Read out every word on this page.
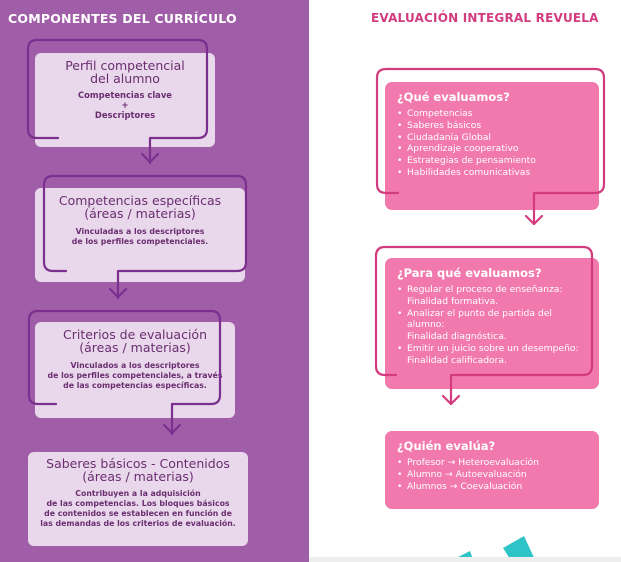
COMPONENTES DEL CURRÍCULO
Perfil competencial
del alumno
Competencias clave
+
Descriptores
Competencias específicas
(áreas / materias)
Vinculadas a los descriptores
de los perfiles competenciales.
Criterios de evaluación
(áreas / materias)
Vinculados a los descriptores
de los perfiles competenciales, a través
de las competencias específicas.
Saberes básicos - Contenidos
(áreas / materias)
Contribuyen a la adquisición
de las competencias. Los bloques básicos
de contenidos se establecen en función de
las demandas de los criterios de evaluación.
EVALUACIÓN INTEGRAL REVUELA
¿Qué evaluamos?
• Competencias
• Saberes básicos
• Ciudadanía Global
• Aprendizaje cooperativo
• Estrategias de pensamiento
• Habilidades comunicativas
¿Para qué evaluamos?
• Regular el proceso de enseñanza:
Finalidad formativa.
• Analizar el punto de partida del alumno:
Finalidad diagnóstica.
• Emitir un juicio sobre un desempeño:
Finalidad calificadora.
¿Quién evalúa?
• Profesor → Heteroevaluación
• Alumno → Autoevaluación
• Alumnos → Coevaluación
